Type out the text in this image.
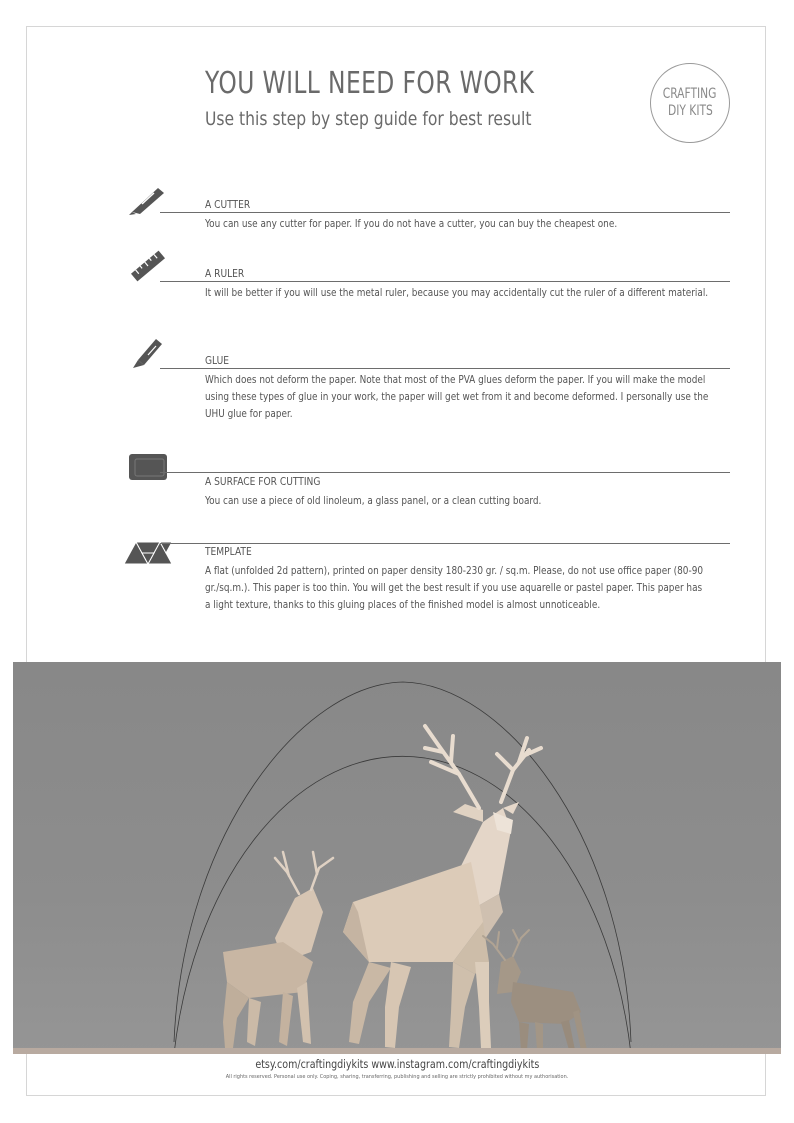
YOU WILL NEED FOR WORK
Use this step by step guide for best result
CRAFTING
DIY KITS
A CUTTER
You can use any cutter for paper. If you do not have a cutter, you can buy the cheapest one.
A RULER
It will be better if you will use the metal ruler, because you may accidentally cut the ruler of a different material.
GLUE
Which does not deform the paper. Note that most of the PVA glues deform the paper. If you will make the model using these types of glue in your work, the paper will get wet from it and become deformed. I personally use the UHU glue for paper.
A SURFACE FOR CUTTING
You can use a piece of old linoleum, a glass panel, or a clean cutting board.
TEMPLATE
A flat (unfolded 2d pattern), printed on paper density 180-230 gr. / sq.m. Please, do not use office paper (80-90 gr./sq.m.). This paper is too thin. You will get the best result if you use aquarelle or pastel paper. This paper has a light texture, thanks to this gluing places of the finished model is almost unnoticeable.
etsy.com/craftingdiykits www.instagram.com/craftingdiykits
All rights reserved. Personal use only. Coping, sharing, transferring, publishing and selling are strictly prohibited without my authorisation.
